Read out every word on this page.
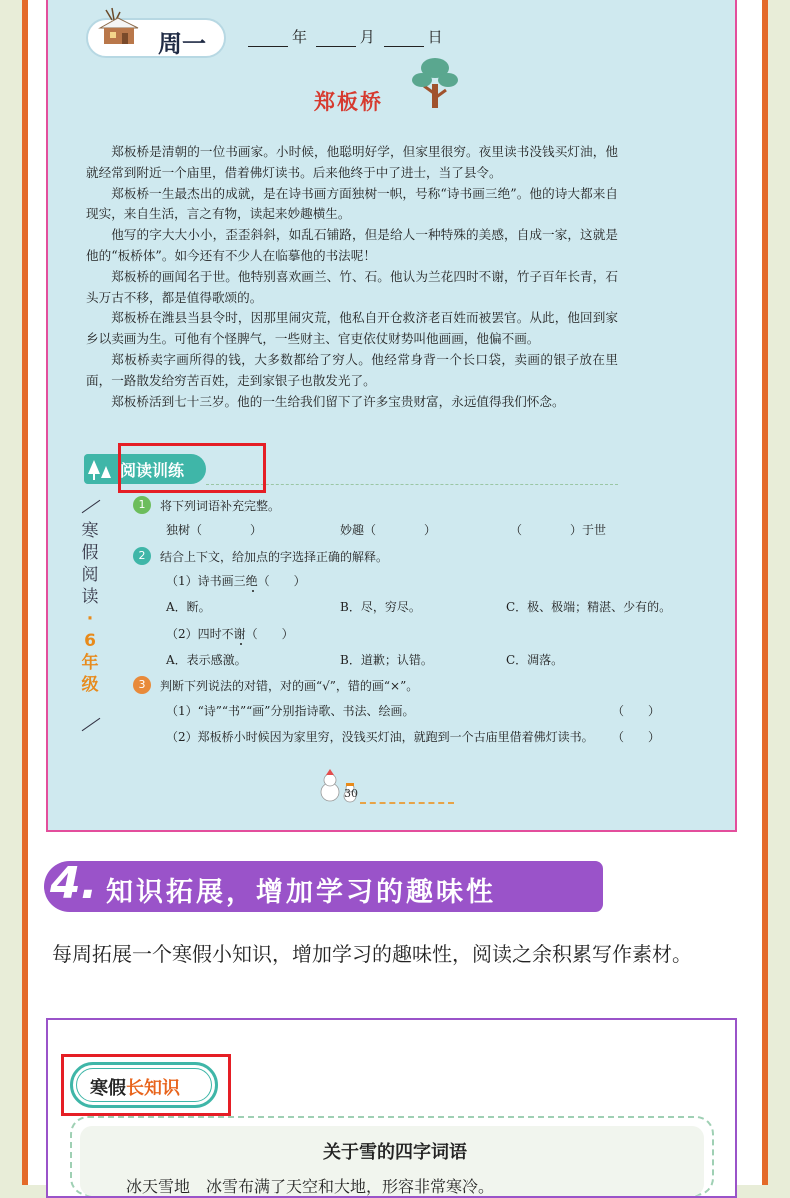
周一	年	月	日
郑板桥

郑板桥是清朝的一位书画家。小时候，他聪明好学，但家里很穷。夜里读书没钱买灯油，他就经常到附近一个庙里，借着佛灯读书。后来他终于中了进士，当了县令。

郑板桥一生最杰出的成就，是在诗书画方面独树一帜，号称“诗书画三绝”。他的诗大都来自现实，来自生活，言之有物，读起来妙趣横生。

他写的字大大小小，歪歪斜斜，如乱石铺路，但是给人一种特殊的美感，自成一家，这就是他的“板桥体”。如今还有不少人在临摹他的书法呢！

郑板桥的画闻名于世。他特别喜欢画兰、竹、石。他认为兰花四时不谢，竹子百年长青，石头万古不移，都是值得歌颂的。

郑板桥在潍县当县令时，因那里闹灾荒，他私自开仓救济老百姓而被罢官。从此，他回到家乡以卖画为生。可他有个怪脾气，一些财主、官吏依仗财势叫他画画，他偏不画。

郑板桥卖字画所得的钱，大多数都给了穷人。他经常身背一个长口袋，卖画的银子放在里面，一路散发给穷苦百姓，走到家银子也散发光了。

郑板桥活到七十三岁。他的一生给我们留下了许多宝贵财富，永远值得我们怀念。

阅读训练
寒
假
阅
读
·
6
年
级
1	将下列词语补充完整。
独树（　　　　）	妙趣（　　　　）	（　　　　）于世
2	结合上下文，给加点的字选择正确的解释。
（1）诗书画三绝（　　）
A．断。	B．尽，穷尽。	C．极、极端；精湛、少有的。
（2）四时不谢（　　）
A．表示感激。	B．道歉；认错。	C．凋落。
3	判断下列说法的对错，对的画“√”，错的画“×”。
（1）“诗”“书”“画”分别指诗歌、书法、绘画。	（　　）
（2）郑板桥小时候因为家里穷，没钱买灯油，就跑到一个古庙里借着佛灯读书。 （　　）
30
4. 知识拓展，增加学习的趣味性
每周拓展一个寒假小知识，增加学习的趣味性，阅读之余积累写作素材。
寒假长知识
关于雪的四字词语
冰天雪地　冰雪布满了天空和大地，形容非常寒冷。
